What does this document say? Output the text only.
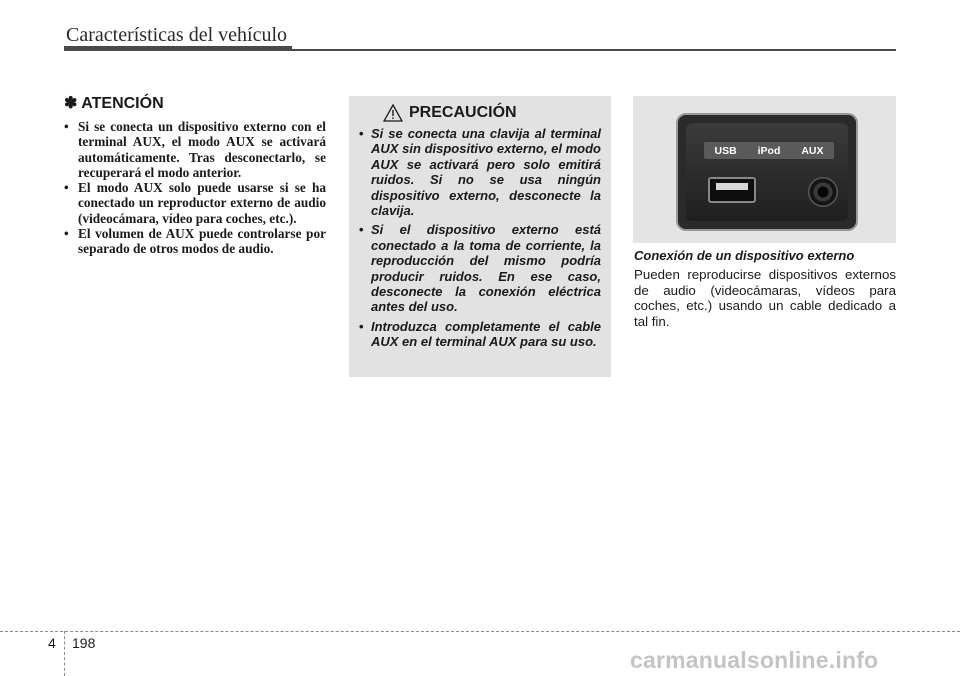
Características del vehículo
✽ ATENCIÓN
• Si se conecta un dispositivo externo con el terminal AUX, el modo AUX se activará automáticamente. Tras desconectarlo, se recuperará el modo anterior.
• El modo AUX solo puede usarse si se ha conectado un reproductor externo de audio (videocámara, vídeo para coches, etc.).
• El volumen de AUX puede controlarse por separado de otros modos de audio.
PRECAUCIÓN
• Si se conecta una clavija al terminal AUX sin dispositivo externo, el modo AUX se activará pero solo emitirá ruidos. Si no se usa ningún dispositivo externo, desconecte la clavija.
• Si el dispositivo externo está conectado a la toma de corriente, la reproducción del mismo podría producir ruidos. En ese caso, desconecte la conexión eléctrica antes del uso.
• Introduzca completamente el cable AUX en el terminal AUX para su uso.
USB iPod AUX
Conexión de un dispositivo externo
Pueden reproducirse dispositivos externos de audio (videocámaras, vídeos para coches, etc.) usando un cable dedicado a tal fin.
4 198
carmanualsonline.info
